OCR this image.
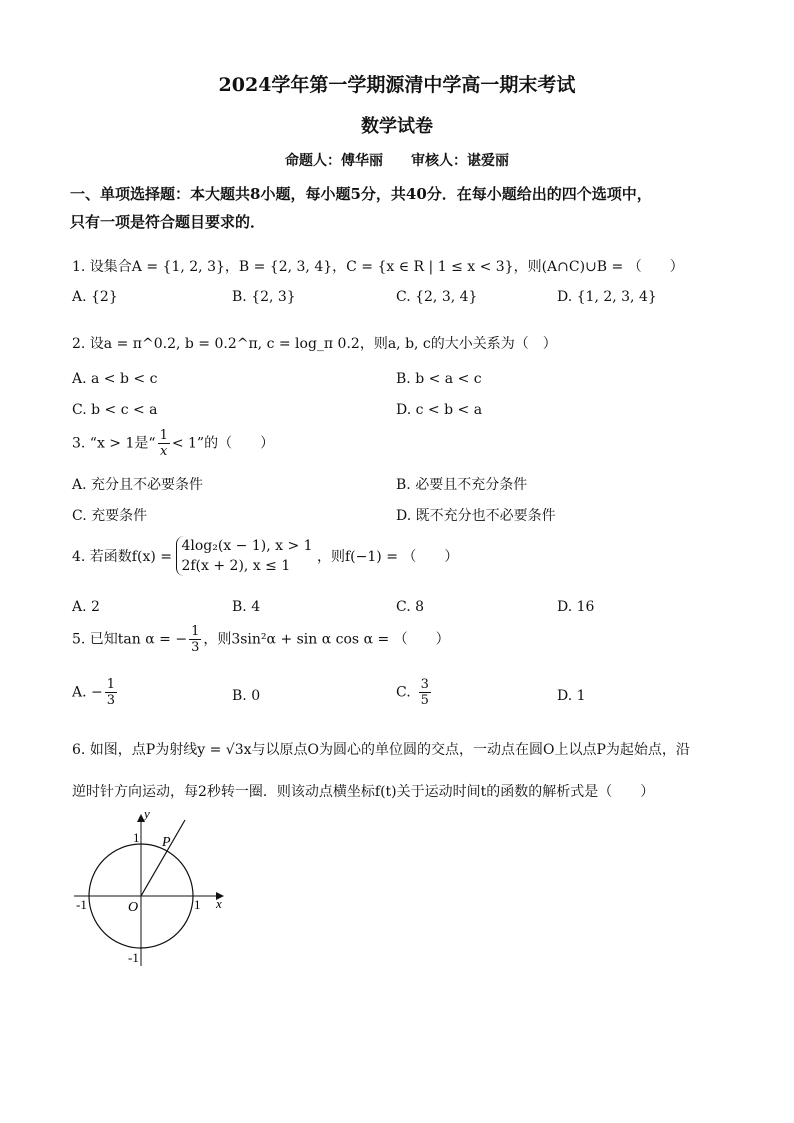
2024学年第一学期源清中学高一期末考试
数学试卷
命题人：傅华丽　　审核人：谌爱丽
一、单项选择题：本大题共8小题，每小题5分，共40分．在每小题给出的四个选项中，
只有一项是符合题目要求的．
1. 设集合A = {1, 2, 3}，B = {2, 3, 4}，C = {x ∈ R | 1 ≤ x < 3}，则(A∩C)∪B = （　　）
A. {2}	B. {2, 3}	C. {2, 3, 4}	D. {1, 2, 3, 4}
2. 设a = π^0.2, b = 0.2^π, c = log_π 0.2，则a, b, c的大小关系为（　）
A. a < b < c	B. b < a < c
C. b < c < a	D. c < b < a
3. “x > 1是“ $\frac{1}{x} < 1$”的（　　）
A. 充分且不必要条件	B. 必要且不充分条件
C. 充要条件	D. 既不充分也不必要条件
4. 若函数f(x) =
4log₂(x − 1), x > 1
2f(x + 2), x ≤ 1
，则f(−1) = （　　）
A. 2	B. 4	C. 8	D. 16
5. 已知tan α = − $\frac{1}{3}$ ，则3sin²α + sin α cos α = （　　）
A. − $\frac{1}{3}$	B. 0	C. $\frac{3}{5}$	D. 1
6. 如图，点P为射线y = √3x与以原点O为圆心的单位圆的交点，一动点在圆O上以点P为起始点，沿
逆时针方向运动，每2秒转一圈．则该动点横坐标f(t)关于运动时间t的函数的解析式是（　　）
y
x
O
P
1
-1
1
-1
